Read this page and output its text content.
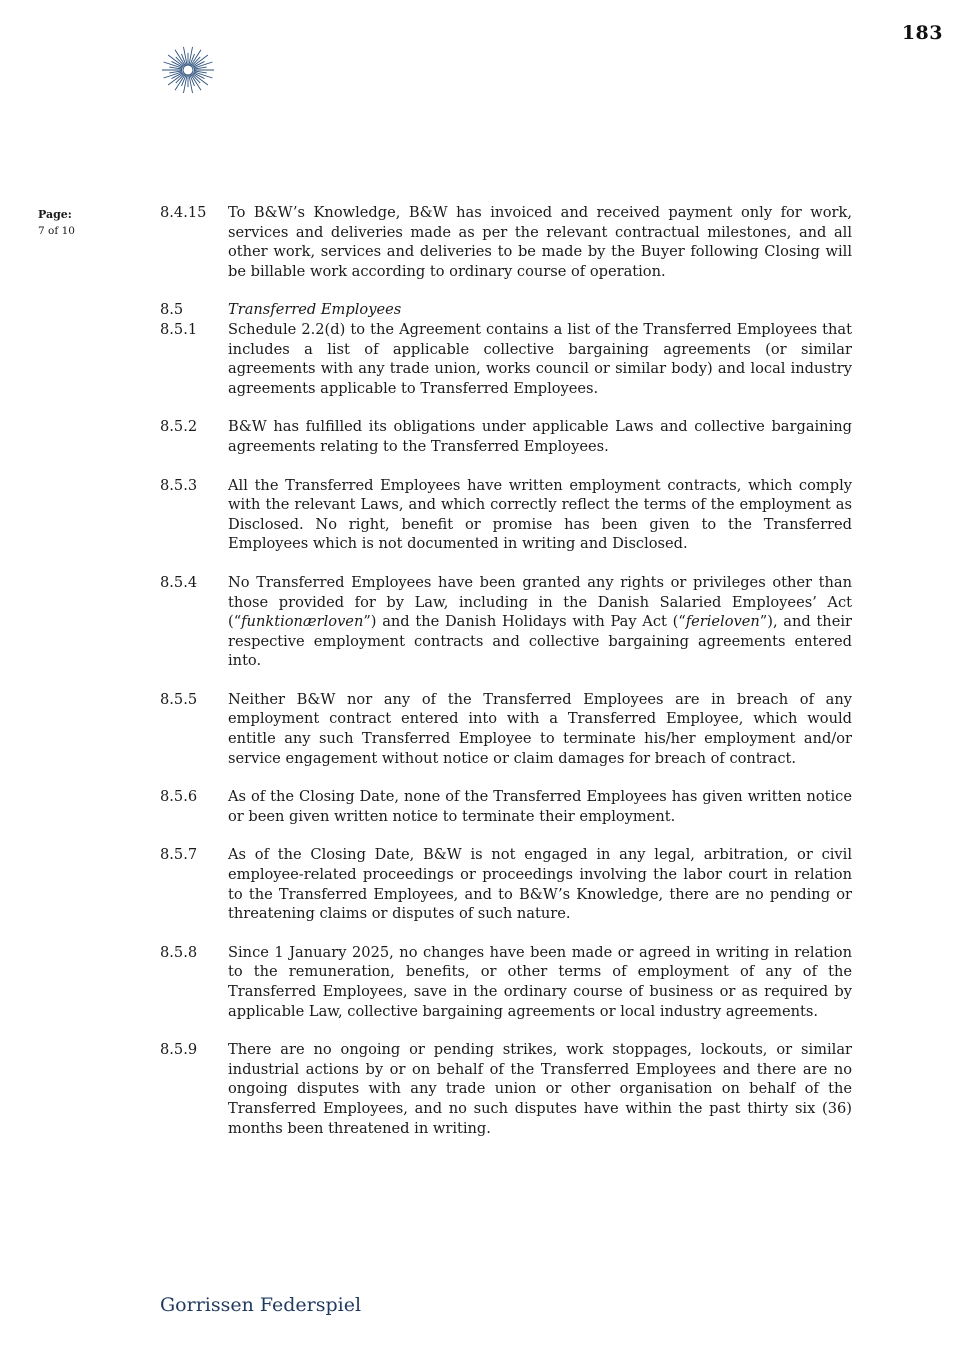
183
Page:
7 of 10
8.4.15	To B&W’s Knowledge, B&W has invoiced and received payment only for work, services and deliveries made as per the relevant contractual milestones, and all other work, services and deliveries to be made by the Buyer following Closing will be billable work according to ordinary course of operation.
8.5	Transferred Employees
8.5.1	Schedule 2.2(d) to the Agreement contains a list of the Transferred Employees that includes a list of applicable collective bargaining agreements (or similar agreements with any trade union, works council or similar body) and local industry agreements applicable to Transferred Employees.
8.5.2	B&W has fulfilled its obligations under applicable Laws and collective bargaining agreements relating to the Transferred Employees.
8.5.3	All the Transferred Employees have written employment contracts, which comply with the relevant Laws, and which correctly reflect the terms of the employment as Disclosed. No right, benefit or promise has been given to the Transferred Employees which is not documented in writing and Disclosed.
8.5.4	No Transferred Employees have been granted any rights or privileges other than those provided for by Law, including in the Danish Salaried Employees’ Act (“funktionærloven”) and the Danish Holidays with Pay Act (“ferieloven”), and their respective employment contracts and collective bargaining agreements entered into.
8.5.5	Neither B&W nor any of the Transferred Employees are in breach of any employment contract entered into with a Transferred Employee, which would entitle any such Transferred Employee to terminate his/her employment and/or service engagement without notice or claim damages for breach of contract.
8.5.6	As of the Closing Date, none of the Transferred Employees has given written notice or been given written notice to terminate their employment.
8.5.7	As of the Closing Date, B&W is not engaged in any legal, arbitration, or civil employee-related proceedings or proceedings involving the labor court in relation to the Transferred Employees, and to B&W’s Knowledge, there are no pending or threatening claims or disputes of such nature.
8.5.8	Since 1 January 2025, no changes have been made or agreed in writing in relation to the remuneration, benefits, or other terms of employment of any of the Transferred Employees, save in the ordinary course of business or as required by applicable Law, collective bargaining agreements or local industry agreements.
8.5.9	There are no ongoing or pending strikes, work stoppages, lockouts, or similar industrial actions by or on behalf of the Transferred Employees and there are no ongoing disputes with any trade union or other organisation on behalf of the Transferred Employees, and no such disputes have within the past thirty six (36) months been threatened in writing.
Gorrissen Federspiel
